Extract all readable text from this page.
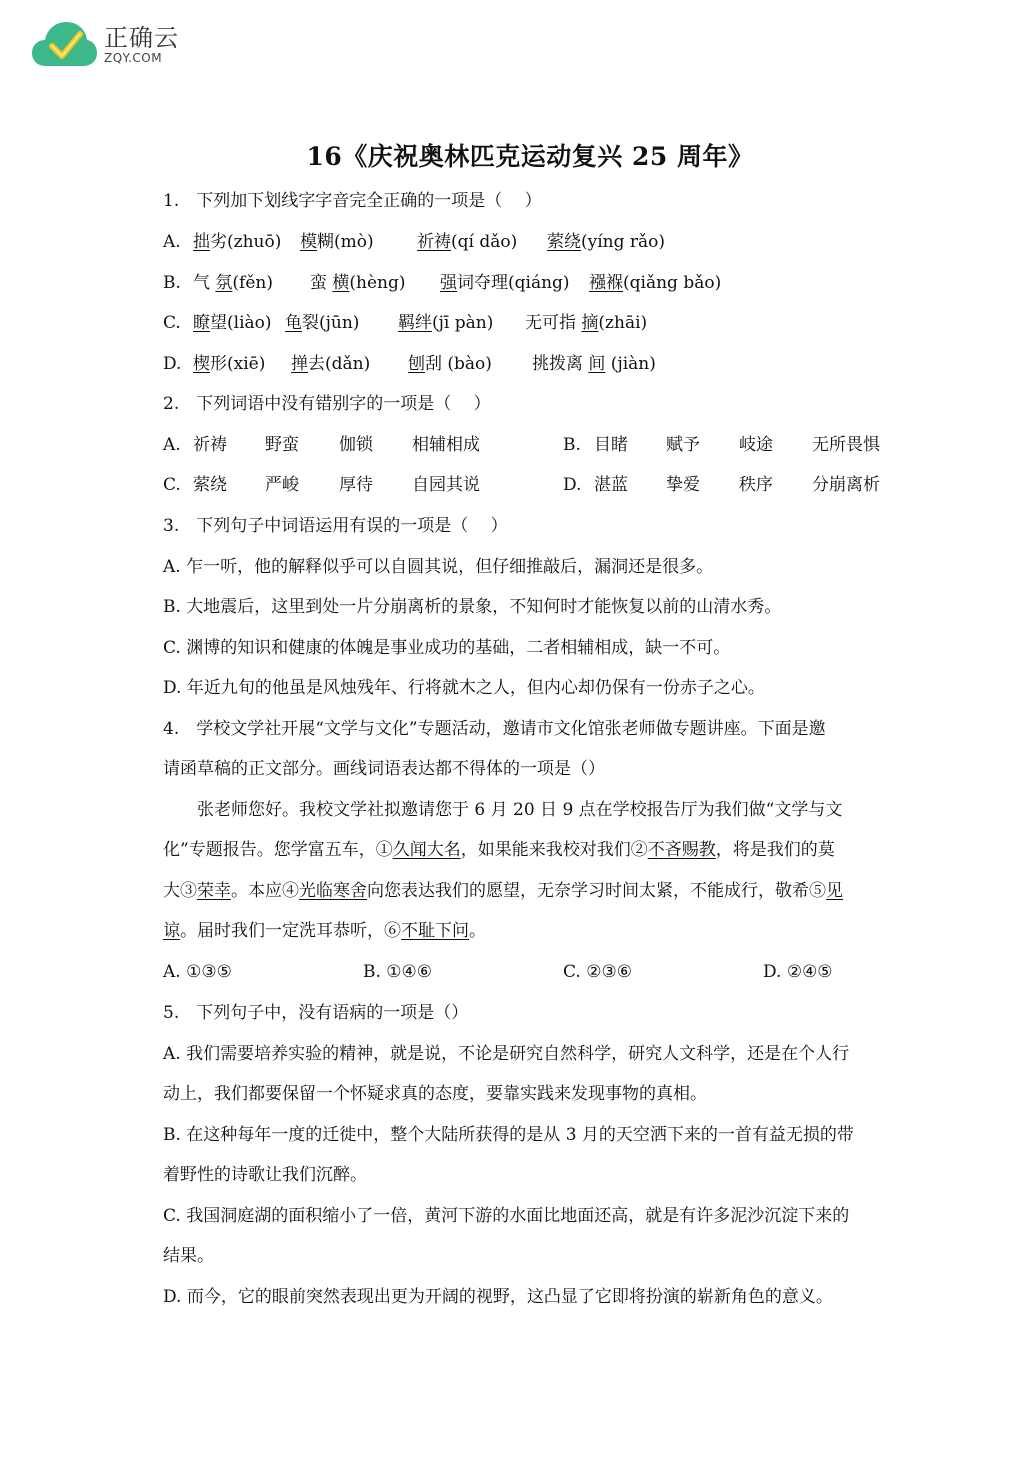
正确云
ZQY.COM
16《庆祝奥林匹克运动复兴 25 周年》
1.　下列加下划线字字音完全正确的一项是（　 ）
A. 拙劣(zhuō) 模糊(mò)	祈祷(qí dǎo) 萦绕(yíng rǎo)
B. 气 氛(fěn) 蛮 横(hèng) 强词夺理(qiáng) 襁褓(qiǎng bǎo)
C. 瞭望(liào) 龟裂(jūn) 羁绊(jī pàn) 无可指 摘(zhāi)
D. 楔形(xiē) 掸去(dǎn) 刨刮 (bào) 挑拨离 间 (jiàn)
2.　下列词语中没有错别字的一项是（　 ）
A. 祈祷 野蛮 伽锁 相辅相成	B. 目睹 赋予 岐途 无所畏惧
C. 萦绕 严峻 厚待 自园其说	D. 湛蓝 挚爱 秩序 分崩离析
3.　下列句子中词语运用有误的一项是（　 ）
A. 乍一听，他的解释似乎可以自圆其说，但仔细推敲后，漏洞还是很多。
B. 大地震后，这里到处一片分崩离析的景象，不知何时才能恢复以前的山清水秀。
C. 渊博的知识和健康的体魄是事业成功的基础，二者相辅相成，缺一不可。
D. 年近九旬的他虽是风烛残年、行将就木之人，但内心却仍保有一份赤子之心。
4.　学校文学社开展“文学与文化”专题活动，邀请市文化馆张老师做专题讲座。下面是邀
请函草稿的正文部分。画线词语表达都不得体的一项是（）
张老师您好。我校文学社拟邀请您于 6 月 20 日 9 点在学校报告厅为我们做“文学与文
化”专题报告。您学富五车，①久闻大名，如果能来我校对我们②不吝赐教，将是我们的莫
大③荣幸。本应④光临寒舍向您表达我们的愿望，无奈学习时间太紧，不能成行，敬希⑤见
谅。届时我们一定洗耳恭听，⑥不耻下问。
A. ①③⑤	B. ①④⑥	C. ②③⑥	D. ②④⑤
5.　下列句子中，没有语病的一项是（）
A. 我们需要培养实验的精神，就是说，不论是研究自然科学，研究人文科学，还是在个人行
动上，我们都要保留一个怀疑求真的态度，要靠实践来发现事物的真相。
B. 在这种每年一度的迁徙中，整个大陆所获得的是从 3 月的天空洒下来的一首有益无损的带
着野性的诗歌让我们沉醉。
C. 我国洞庭湖的面积缩小了一倍，黄河下游的水面比地面还高，就是有许多泥沙沉淀下来的
结果。
D. 而今，它的眼前突然表现出更为开阔的视野，这凸显了它即将扮演的崭新角色的意义。
